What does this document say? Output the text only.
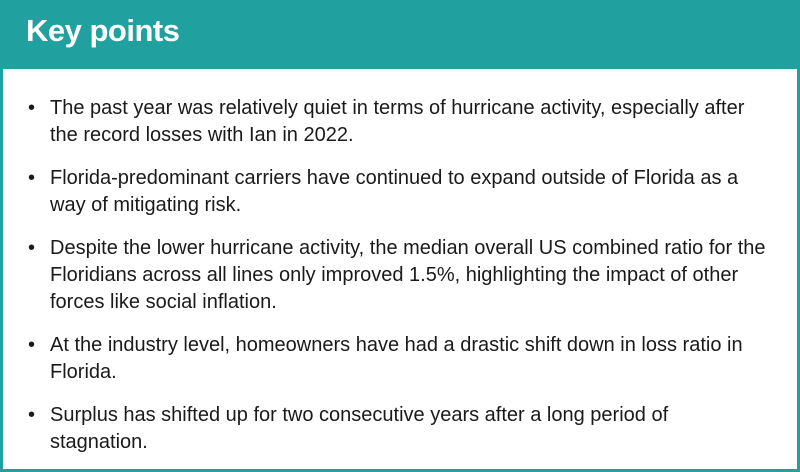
Key points
• The past year was relatively quiet in terms of hurricane activity, especially after the record losses with Ian in 2022.
• Florida-predominant carriers have continued to expand outside of Florida as a way of mitigating risk.
• Despite the lower hurricane activity, the median overall US combined ratio for the Floridians across all lines only improved 1.5%, highlighting the impact of other forces like social inflation.
• At the industry level, homeowners have had a drastic shift down in loss ratio in Florida.
• Surplus has shifted up for two consecutive years after a long period of stagnation.
